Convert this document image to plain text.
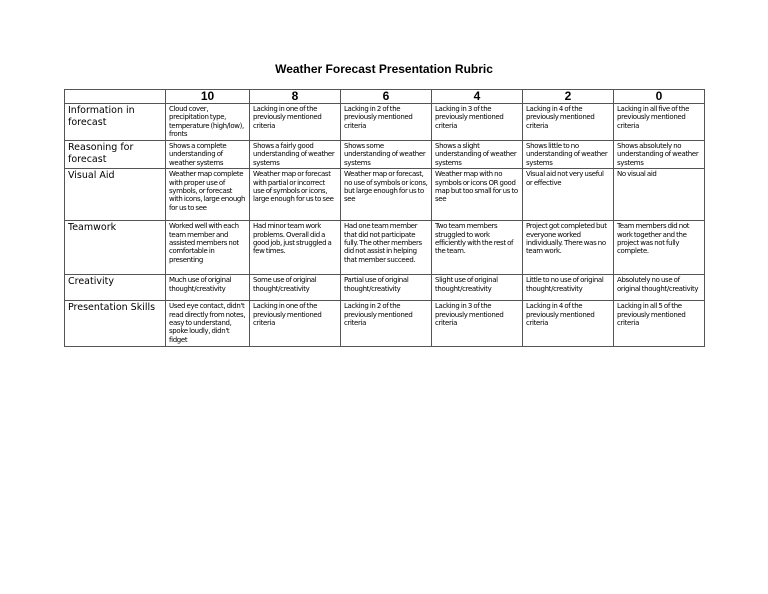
Weather Forecast Presentation Rubric
	10	8	6	4	2	0
Information in forecast	Cloud cover, precipitation type, temperature (high/low), fronts	Lacking in one of the previously mentioned criteria	Lacking in 2 of the previously mentioned criteria	Lacking in 3 of the previously mentioned criteria	Lacking in 4 of the previously mentioned criteria	Lacking in all five of the previously mentioned criteria
Reasoning for forecast	Shows a complete understanding of weather systems	Shows a fairly good understanding of weather systems	Shows some understanding of weather systems	Shows a slight understanding of weather systems	Shows little to no understanding of weather systems	Shows absolutely no understanding of weather systems
Visual Aid	Weather map complete with proper use of symbols, or forecast with icons, large enough for us to see	Weather map or forecast with partial or incorrect use of symbols or icons, large enough for us to see	Weather map or forecast, no use of symbols or icons, but large enough for us to see	Weather map with no symbols or icons OR good map but too small for us to see	Visual aid not very useful or effective	No visual aid
Teamwork	Worked well with each team member and assisted members not comfortable in presenting	Had minor team work problems. Overall did a good job, just struggled a few times.	Had one team member that did not participate fully. The other members did not assist in helping that member succeed.	Two team members struggled to work efficiently with the rest of the team.	Project got completed but everyone worked individually. There was no team work.	Team members did not work together and the project was not fully complete.
Creativity	Much use of original thought/creativity	Some use of original thought/creativity	Partial use of original thought/creativity	Slight use of original thought/creativity	Little to no use of original thought/creativity	Absolutely no use of original thought/creativity
Presentation Skills	Used eye contact, didn't read directly from notes, easy to understand, spoke loudly, didn't fidget	Lacking in one of the previously mentioned criteria	Lacking in 2 of the previously mentioned criteria	Lacking in 3 of the previously mentioned criteria	Lacking in 4 of the previously mentioned criteria	Lacking in all 5 of the previously mentioned criteria
